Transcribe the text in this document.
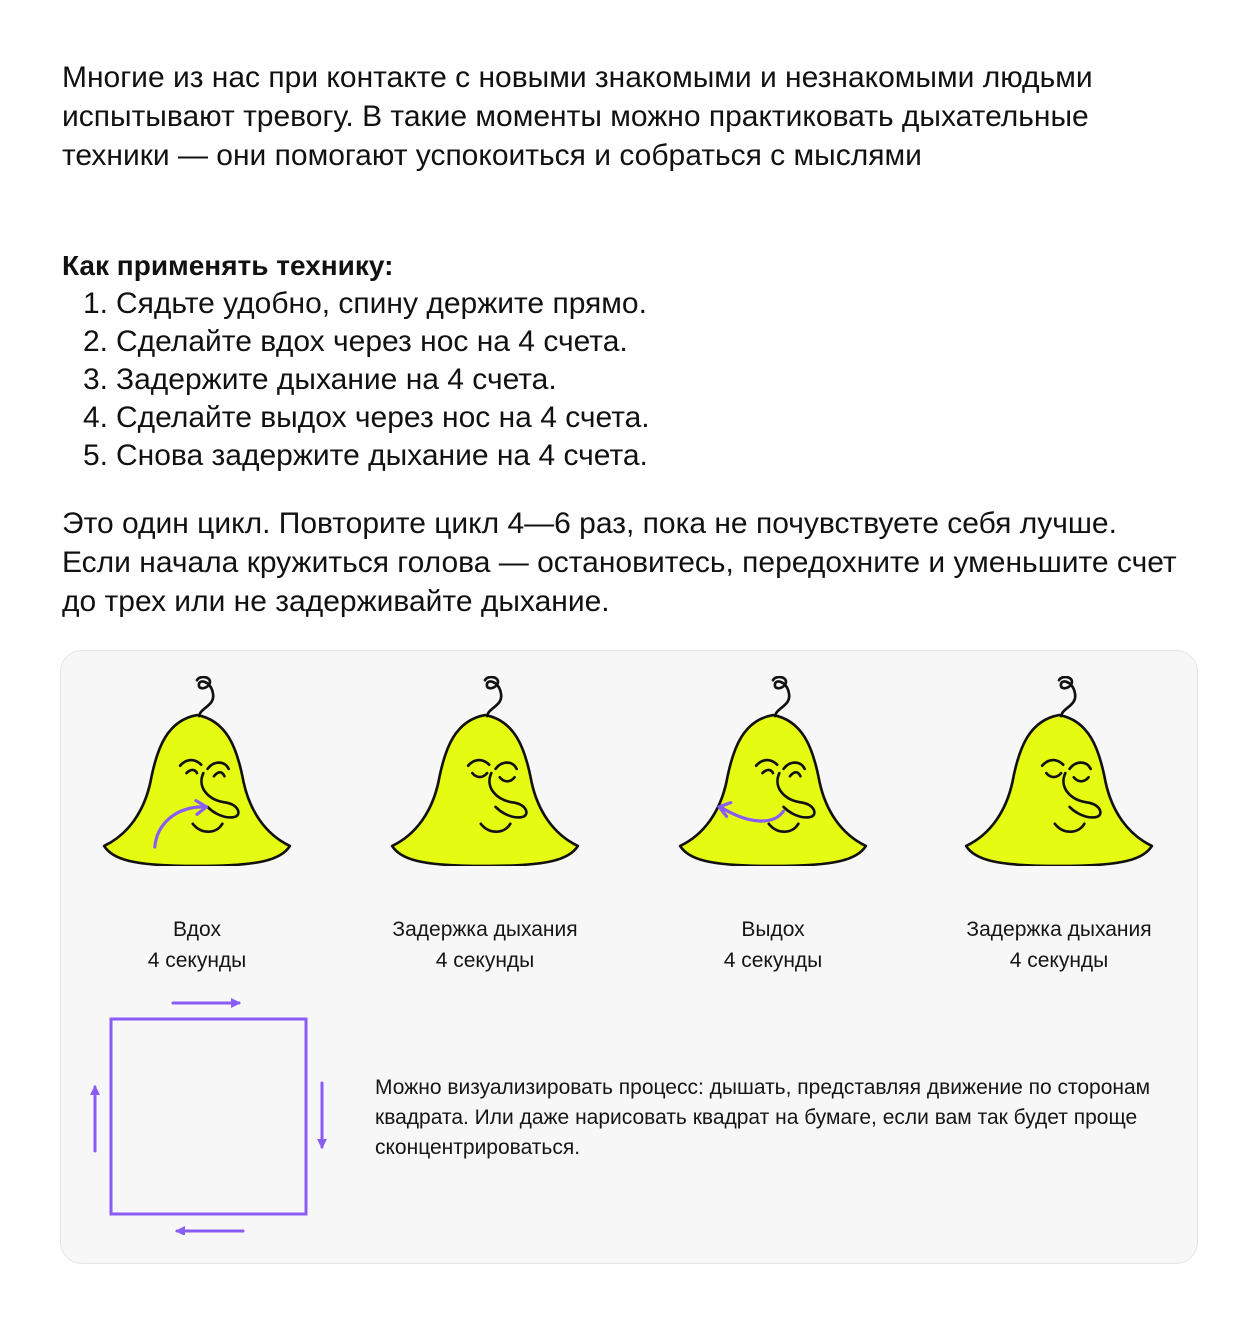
Многие из нас при контакте с новыми знакомыми и незнакомыми людьми испытывают тревогу. В такие моменты можно практиковать дыхательные техники — они помогают успокоиться и собраться с мыслями

Как применять технику:
1. Сядьте удобно, спину держите прямо.
2. Сделайте вдох через нос на 4 счета.
3. Задержите дыхание на 4 счета.
4. Сделайте выдох через нос на 4 счета.
5. Снова задержите дыхание на 4 счета.

Это один цикл. Повторите цикл 4—6 раз, пока не почувствуете себя лучше. Если начала кружиться голова — остановитесь, передохните и уменьшите счет до трех или не задерживайте дыхание.

Вдох
4 секунды
Задержка дыхания
4 секунды
Выдох
4 секунды
Задержка дыхания
4 секунды

Можно визуализировать процесс: дышать, представляя движение по сторонам квадрата. Или даже нарисовать квадрат на бумаге, если вам так будет проще сконцентрироваться.
